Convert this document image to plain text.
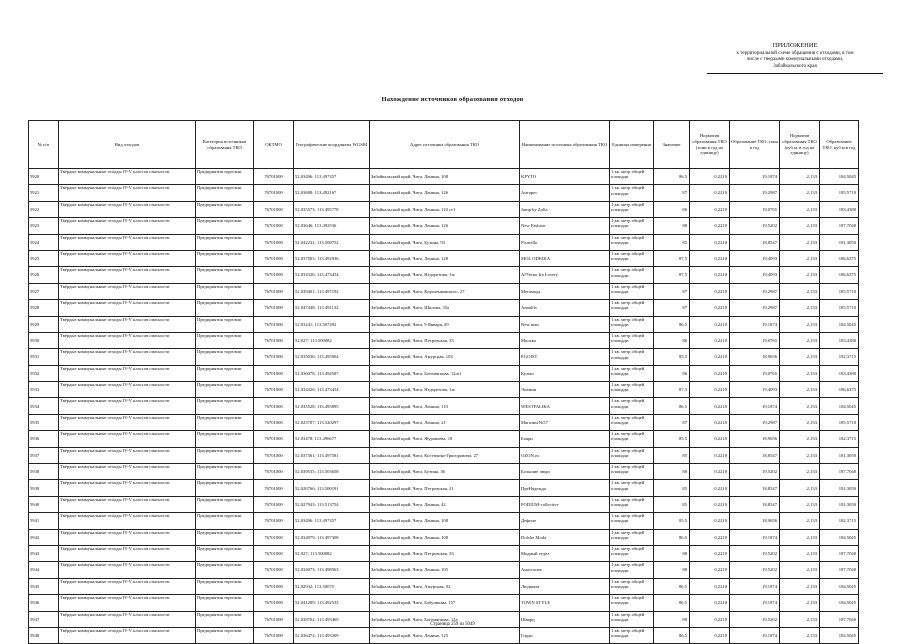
ПРИЛОЖЕНИЕ
к территориальной схеме обращения с отходами, в том
числе с твердыми коммунальными отходами,
Забайкальского края
Нахождение источников образования отходов
№ п/п	Вид отходов	Категория источников образования ТКО	ОКТМО	Географические координаты WGS84	Адрес источника образования ТКО	Наименование источника образования ТКО	Единица измерения	Значение	Норматив образования ТКО (тонн в год на единицу)	Образование ТКО, тонн в год	Норматив образования ТКО (куб.м. в год на единицу)	Образование ТКО, куб.м.в год
5920	Твёрдые коммунальные отходы IV-V классов опасности	Предприятия торговли	76701000	52.03496; 113.497357	Забайкальский край, Чита, Ленина, 108	KPYTO	1 кв. метр общей площади	86,5	0,2210	19,1874	2,133	184,5045
5921	Твёрдые коммунальные отходы IV-V классов опасности	Предприятия торговли	76701000	52.03688; 113.492167	Забайкальский край, Чита, Ленина, 126	Антарес	1 кв. метр общей площади	87	0,2210	19,2987	2,133	185,5710
5922	Твёрдые коммунальные отходы IV-V классов опасности	Предприятия торговли	76701000	52.035573; 113.495778	Забайкальский край, Чита, Ленина, 110 ст1	Jump by Zolla	1 кв. метр общей площади	86	0,2210	19,0765	2,133	183,4380
5923	Твёрдые коммунальные отходы IV-V классов опасности	Предприятия торговли	76701000	52.03646; 113.492536	Забайкальский край, Чита, Ленина, 126	New Fashion	1 кв. метр общей площади	88	0,2210	19,5202	2,133	187,7040
5924	Твёрдые коммунальные отходы IV-V классов опасности	Предприятия торговли	76701000	52.042231; 113.500752	Забайкальский край, Чита, Бутина, 93	Picarello	1 кв. метр общей площади	85	0,2210	18,8547	2,133	181,3050
5925	Твёрдые коммунальные отходы IV-V классов опасности	Предприятия торговли	76701000	52.037003; 113.492936	Забайкальский край, Чита, Ленина, 128	MOL ODEJKA	1 кв. метр общей площади	87,5	0,2210	19,4093	2,133	186,6375
5926	Твёрдые коммунальные отходы IV-V классов опасности	Предприятия торговли	76701000	52.034326; 113.473454	Забайкальский край, Чита, Недорезова, 1ж	Al'Verno Ira Lovery	1 кв. метр общей площади	87,5	0,2210	19,4093	2,133	186,6375
5927	Твёрдые коммунальные отходы IV-V классов опасности	Предприятия торговли	76701000	52.039401; 113.497192	Забайкальский край, Чита, Короленковского, 27	Мегамода	1 кв. метр общей площади	87	0,2210	19,2987	2,133	185,5710
5928	Твёрдые коммунальные отходы IV-V классов опасности	Предприятия торговли	76701000	52.047448; 113.491132	Забайкальский край, Чита, Шилова, 35а	Ananlifs	1 кв. метр общей площади	87	0,2210	19,2987	2,133	185,5710
5929	Твёрдые коммунальные отходы IV-V классов опасности	Предприятия торговли	76701000	52.03241; 113.507492	Забайкальский край, Чита, 9 Января, 29	New man	1 кв. метр общей площади	86,5	0,2210	19,1874	2,133	184,5045
5930	Твёрдые коммунальные отходы IV-V классов опасности	Предприятия торговли	76701000	52.027; 113.500082	Забайкальский край, Чита, Петровская, 33	Москва	1 кв. метр общей площади	86	0,2210	19,0765	2,133	183,4380
5931	Твёрдые коммунальные отходы IV-V классов опасности	Предприятия торговли	76701000	52.035036; 113.495904	Забайкальский край, Чита, Амурская, 103	EGOIST	1 кв. метр общей площади	85,5	0,2210	18,9656	2,133	182,3715
5932	Твёрдые коммунальные отходы IV-V классов опасности	Предприятия торговли	76701000	52.036078; 113.494587	Забайкальский край, Чита, Богомягкова, 12ш1	Кулеш	1 кв. метр общей площади	86	0,2210	19,0765	2,133	183,4380
5933	Твёрдые коммунальные отходы IV-V классов опасности	Предприятия торговли	76701000	52.034326; 113.473454	Забайкальский край, Чита, Недорезова, 1ж	Эпемия	1 кв. метр общей площади	87,5	0,2210	19,4093	2,133	186,6375
5934	Твёрдые коммунальные отходы IV-V классов опасности	Предприятия торговли	76701000	52.035528; 113.495895	Забайкальский край, Чита, Ленина, 110	WESTFALIKA	1 кв. метр общей площади	86,5	0,2210	19,1874	2,133	184,5045
5935	Твёрдые коммунальные отходы IV-V классов опасности	Предприятия торговли	76701000	52.025787; 113.520297	Забайкальский край, Чита, Ленина, 21	Магазин №57	1 кв. метр общей площади	87	0,2210	19,2987	2,133	185,5710
5936	Твёрдые коммунальные отходы IV-V классов опасности	Предприятия торговли	76701000	52.03478; 113.496677	Забайкальский край, Чита, Журавлёва, 18	Боярн	1 кв. метр общей площади	85,5	0,2210	18,9656	2,133	182,3715
5937	Твёрдые коммунальные отходы IV-V классов опасности	Предприятия торговли	76701000	52.037361; 113.497581	Забайкальский край, Чита, Костюшко-Григоровича, 27	OZON.ru	1 кв. метр общей площади	85	0,2210	18,8547	2,133	181,3050
5938	Твёрдые коммунальные отходы IV-V классов опасности	Предприятия торговли	76701000	52.039535; 113.503658	Забайкальский край, Чита, Бутина, 36	Большие люди	1 кв. метр общей площади	88	0,2210	19,5202	2,133	187,7040
5939	Твёрдые коммунальные отходы IV-V классов опасности	Предприятия торговли	76701000	52.026766; 113.500191	Забайкальский край, Чита, Петровская, 21	ПреНадежда	1 кв. метр общей площади	85	0,2210	18,8547	2,133	181,3050
5940	Твёрдые коммунальные отходы IV-V классов опасности	Предприятия торговли	76701000	52.027943; 113.513754	Забайкальский край, Чита, Ленина, 42	PODIUM-collective	1 кв. метр общей площади	85	0,2210	18,8547	2,133	181,3050
5941	Твёрдые коммунальные отходы IV-V классов опасности	Предприятия торговли	76701000	52.03496; 113.497357	Забайкальский край, Чита, Ленина, 108	Дефиле	1 кв. метр общей площади	85,5	0,2210	18,9656	2,133	182,3715
5942	Твёрдые коммунальные отходы IV-V классов опасности	Предприятия торговли	76701000	52.034979; 113.497308	Забайкальский край, Чита, Ленина, 108	Dolche Moda	1 кв. метр общей площади	86,5	0,2210	19,1874	2,133	184,5045
5943	Твёрдые коммунальные отходы IV-V классов опасности	Предприятия торговли	76701000	52.027; 113.500082	Забайкальский край, Чита, Петровская, 33	Модный отдел	1 кв. метр общей площади	88	0,2210	19,5202	2,133	187,7040
5944	Твёрдые коммунальные отходы IV-V классов опасности	Предприятия торговли	76701000	52.034073; 113.498563	Забайкальский край, Чита, Ленина, 105	Анастасия	1 кв. метр общей площади	88	0,2210	19,5202	2,133	187,7040
5945	Твёрдые коммунальные отходы IV-V классов опасности	Предприятия торговли	76701000	52.02932; 113.50075	Забайкальский край, Чита, Амурская, 92	Людмила	1 кв. метр общей площади	86,5	0,2210	19,1874	2,133	184,5045
5946	Твёрдые коммунальные отходы IV-V классов опасности	Предприятия торговли	76701000	52.041289; 113.492533	Забайкальский край, Чита, Бабушкина, 157	TOWN STYLE	1 кв. метр общей площади	86,5	0,2210	19,1874	2,133	184,5045
5947	Твёрдые коммунальные отходы IV-V классов опасности	Предприятия торговли	76701000	52.038702; 113.493469	Забайкальский край, Чита, Богомягкова, 12а	Шварц	1 кв. метр общей площади	88	0,2210	19,5202	2,133	187,7040
5948	Твёрдые коммунальные отходы IV-V классов опасности	Предприятия торговли	76701000	52.036474; 113.493309	Забайкальский край, Чита, Ленина, 125	Горди	1 кв. метр общей площади	86,5	0,2210	19,1874	2,133	184,5045
Страница 259 из 5049
